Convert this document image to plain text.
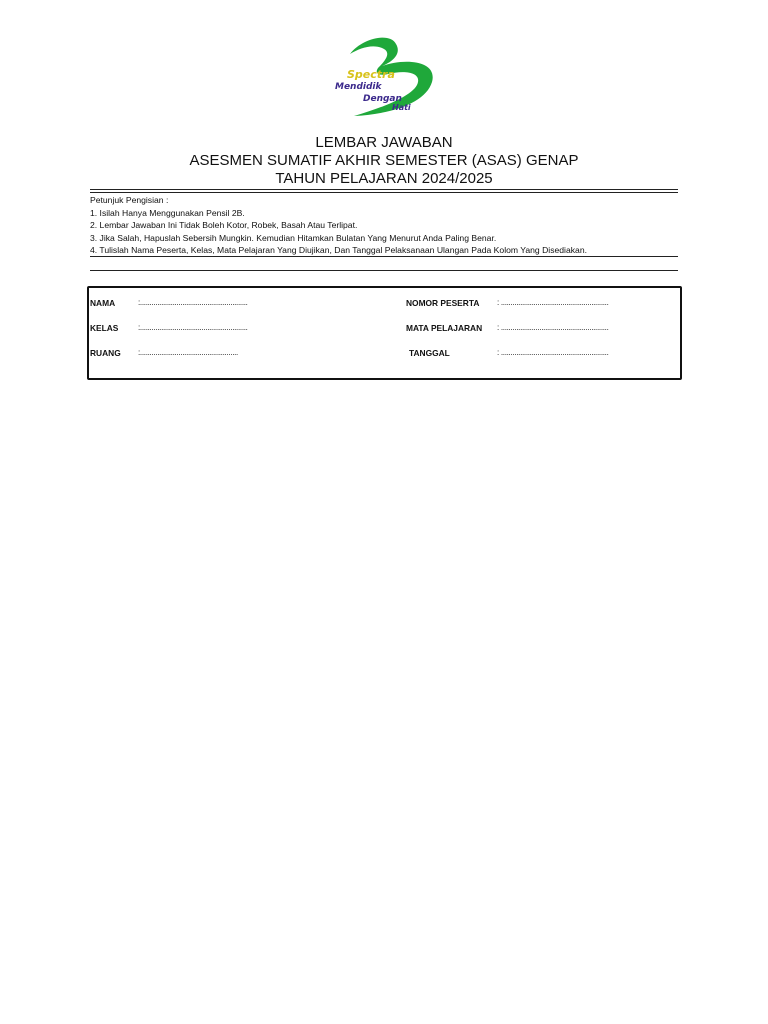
Spectra
Mendidik
Dengan
Hati
LEMBAR JAWABAN
ASESMEN SUMATIF AKHIR SEMESTER (ASAS) GENAP
TAHUN PELAJARAN 2024/2025
Petunjuk Pengisian :
1. Isilah Hanya Menggunakan Pensil 2B.
2. Lembar Jawaban Ini Tidak Boleh Kotor, Robek, Basah Atau Terlipat.
3. Jika Salah, Hapuslah Sebersih Mungkin. Kemudian Hitamkan Bulatan Yang Menurut Anda Paling Benar.
4. Tulislah Nama Peserta, Kelas, Mata Pelajaran Yang Diujikan, Dan Tanggal Pelaksanaan Ulangan Pada Kolom Yang Disediakan.
NAMA	:........................................................
KELAS :........................................................
RUANG :...................................................
NOMOR PESERTA : ........................................................
MATA PELAJARAN : ........................................................
TANGGAL	: ........................................................
